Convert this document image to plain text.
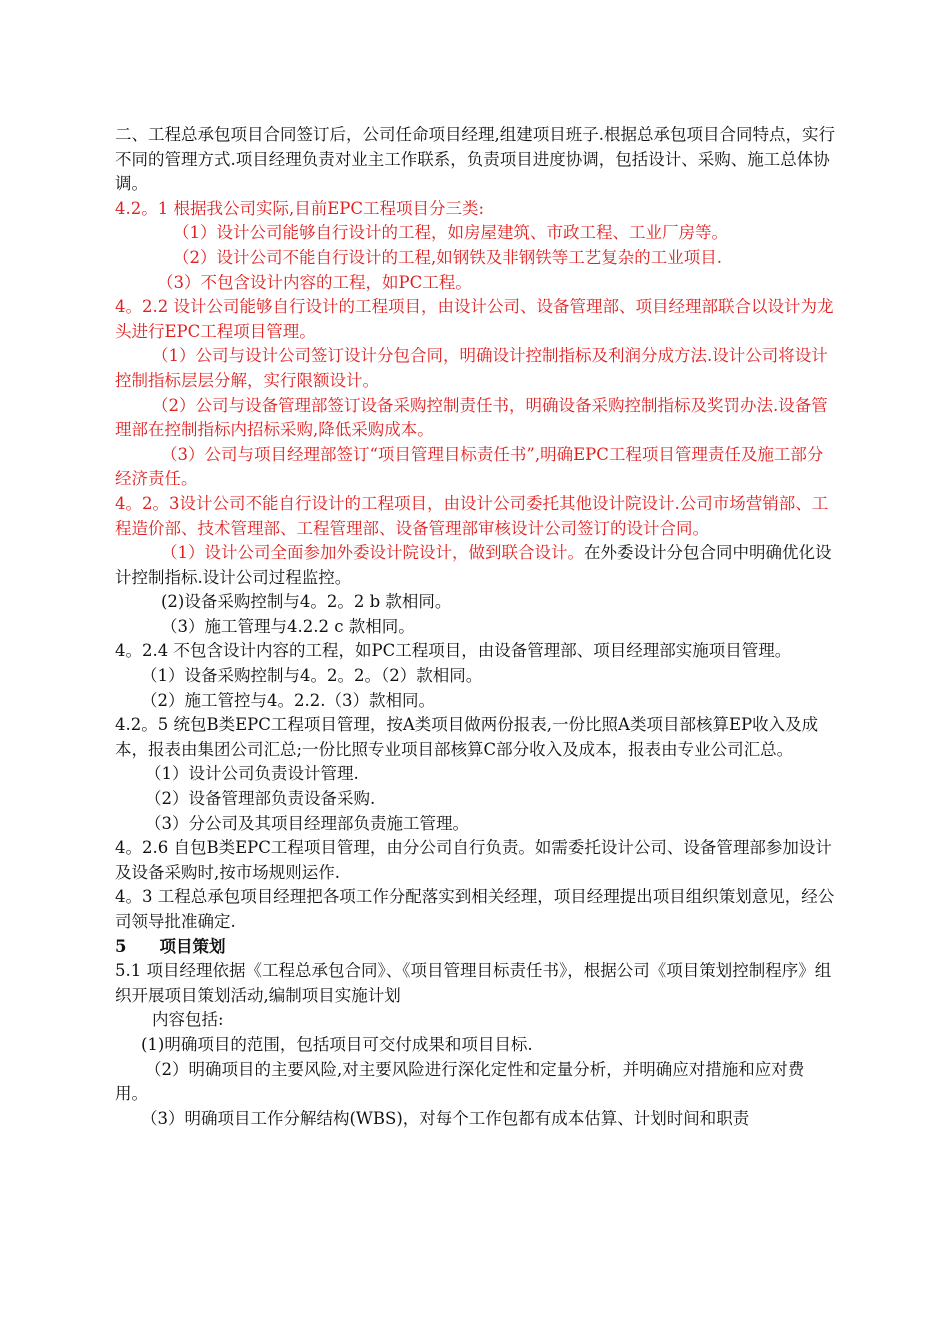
二、工程总承包项目合同签订后，公司任命项目经理,组建项目班子.根据总承包项目合同特点，实行不同的管理方式.项目经理负责对业主工作联系，负责项目进度协调，包括设计、采购、施工总体协调。

4.2。1 根据我公司实际,目前EPC工程项目分三类:

（1）设计公司能够自行设计的工程，如房屋建筑、市政工程、工业厂房等。

（2）设计公司不能自行设计的工程,如钢铁及非钢铁等工艺复杂的工业项目.

（3）不包含设计内容的工程，如PC工程。

4。2.2 设计公司能够自行设计的工程项目，由设计公司、设备管理部、项目经理部联合以设计为龙头进行EPC工程项目管理。

（1）公司与设计公司签订设计分包合同，明确设计控制指标及利润分成方法.设计公司将设计控制指标层层分解，实行限额设计。

（2）公司与设备管理部签订设备采购控制责任书，明确设备采购控制指标及奖罚办法.设备管理部在控制指标内招标采购,降低采购成本。

（3）公司与项目经理部签订“项目管理目标责任书”,明确EPC工程项目管理责任及施工部分经济责任。

4。2。3设计公司不能自行设计的工程项目，由设计公司委托其他设计院设计.公司市场营销部、工程造价部、技术管理部、工程管理部、设备管理部审核设计公司签订的设计合同。

（1）设计公司全面参加外委设计院设计，做到联合设计。在外委设计分包合同中明确优化设计控制指标.设计公司过程监控。

(2)设备采购控制与4。2。2 b 款相同。

（3）施工管理与4.2.2 c 款相同。

4。2.4 不包含设计内容的工程，如PC工程项目，由设备管理部、项目经理部实施项目管理。

（1）设备采购控制与4。2。2。（2）款相同。

（2）施工管控与4。2.2.（3）款相同。

4.2。5 统包B类EPC工程项目管理，按A类项目做两份报表,一份比照A类项目部核算EP收入及成本，报表由集团公司汇总;一份比照专业项目部核算C部分收入及成本，报表由专业公司汇总。

（1）设计公司负责设计管理.

（2）设备管理部负责设备采购.

（3）分公司及其项目经理部负责施工管理。

4。2.6 自包B类EPC工程项目管理，由分公司自行负责。如需委托设计公司、设备管理部参加设计及设备采购时,按市场规则运作.

4。3 工程总承包项目经理把各项工作分配落实到相关经理，项目经理提出项目组织策划意见，经公司领导批准确定.

5　　项目策划

5.1 项目经理依据《工程总承包合同》、《项目管理目标责任书》，根据公司《项目策划控制程序》组织开展项目策划活动,编制项目实施计划

内容包括:

(1)明确项目的范围，包括项目可交付成果和项目目标.

（2）明确项目的主要风险,对主要风险进行深化定性和定量分析，并明确应对措施和应对费用。

（3）明确项目工作分解结构(WBS)，对每个工作包都有成本估算、计划时间和职责
